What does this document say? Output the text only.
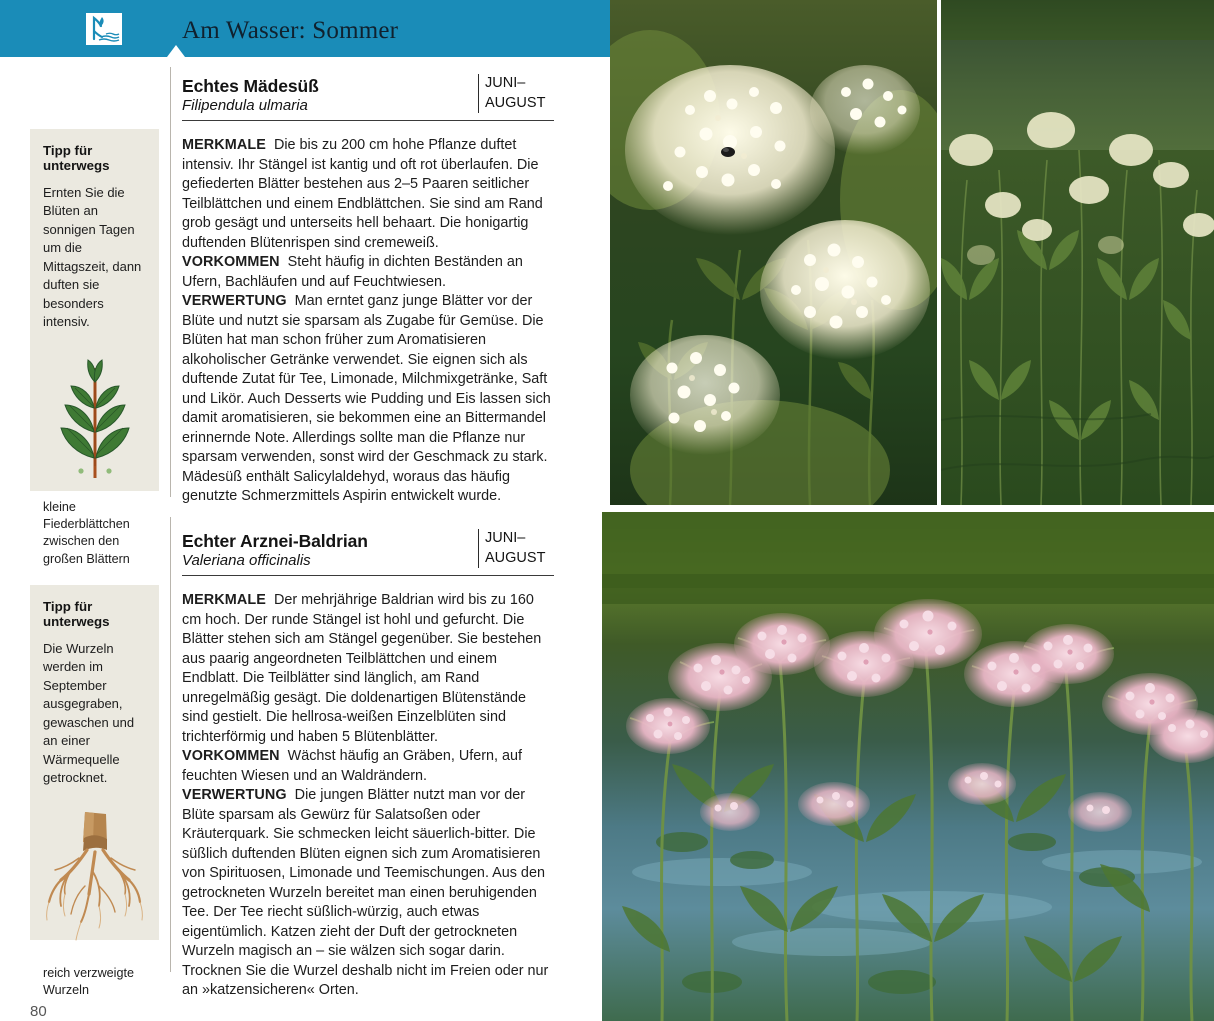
Am Wasser: Sommer
Echtes Mädesüß
Filipendula ulmaria
JUNI–
AUGUST

MERKMALE Die bis zu 200 cm hohe Pflanze duftet intensiv. Ihr Stängel ist kantig und oft rot überlaufen. Die gefiederten Blätter bestehen aus 2–5 Paaren seitlicher Teilblättchen und einem Endblättchen. Sie sind am Rand grob gesägt und unterseits hell behaart. Die honigartig duftenden Blütenrispen sind cremeweiß.

VORKOMMEN Steht häufig in dichten Beständen an Ufern, Bachläufen und auf Feuchtwiesen.

VERWERTUNG Man erntet ganz junge Blätter vor der Blüte und nutzt sie sparsam als Zugabe für Gemüse. Die Blüten hat man schon früher zum Aromatisieren alkoholischer Getränke verwendet. Sie eignen sich als duftende Zutat für Tee, Limonade, Milchmixgetränke, Saft und Likör. Auch Desserts wie Pudding und Eis lassen sich damit aromatisieren, sie bekommen eine an Bittermandel erinnernde Note. Allerdings sollte man die Pflanze nur sparsam verwenden, sonst wird der Geschmack zu stark. Mädesüß enthält Salicylaldehyd, woraus das häufig genutzte Schmerzmittels Aspirin entwickelt wurde.

Tipp für unterwegs
Ernten Sie die Blüten an sonnigen Tagen um die Mittagszeit, dann duften sie besonders intensiv.
kleine Fiederblättchen zwischen den großen Blättern
Echter Arznei-Baldrian
Valeriana officinalis
JUNI–
AUGUST

MERKMALE Der mehrjährige Baldrian wird bis zu 160 cm hoch. Der runde Stängel ist hohl und gefurcht. Die Blätter stehen sich am Stängel gegenüber. Sie bestehen aus paarig angeordneten Teilblättchen und einem Endblatt. Die Teilblätter sind länglich, am Rand unregelmäßig gesägt. Die doldenartigen Blütenstände sind gestielt. Die hellrosa-weißen Einzelblüten sind trichterförmig und haben 5 Blütenblätter.

VORKOMMEN Wächst häufig an Gräben, Ufern, auf feuchten Wiesen und an Waldrändern.

VERWERTUNG Die jungen Blätter nutzt man vor der Blüte sparsam als Gewürz für Salatsoßen oder Kräuterquark. Sie schmecken leicht säuerlich-bitter. Die süßlich duftenden Blüten eignen sich zum Aromatisieren von Spirituosen, Limonade und Teemischungen. Aus den getrockneten Wurzeln bereitet man einen beruhigenden Tee. Der Tee riecht süßlich-würzig, auch etwas eigentümlich. Katzen zieht der Duft der getrockneten Wurzeln magisch an – sie wälzen sich sogar darin. Trocknen Sie die Wurzel deshalb nicht im Freien oder nur an »katzensicheren« Orten.

Tipp für unterwegs
Die Wurzeln werden im September ausgegraben, gewaschen und an einer Wärmequelle getrocknet.
reich verzweigte Wurzeln
80
